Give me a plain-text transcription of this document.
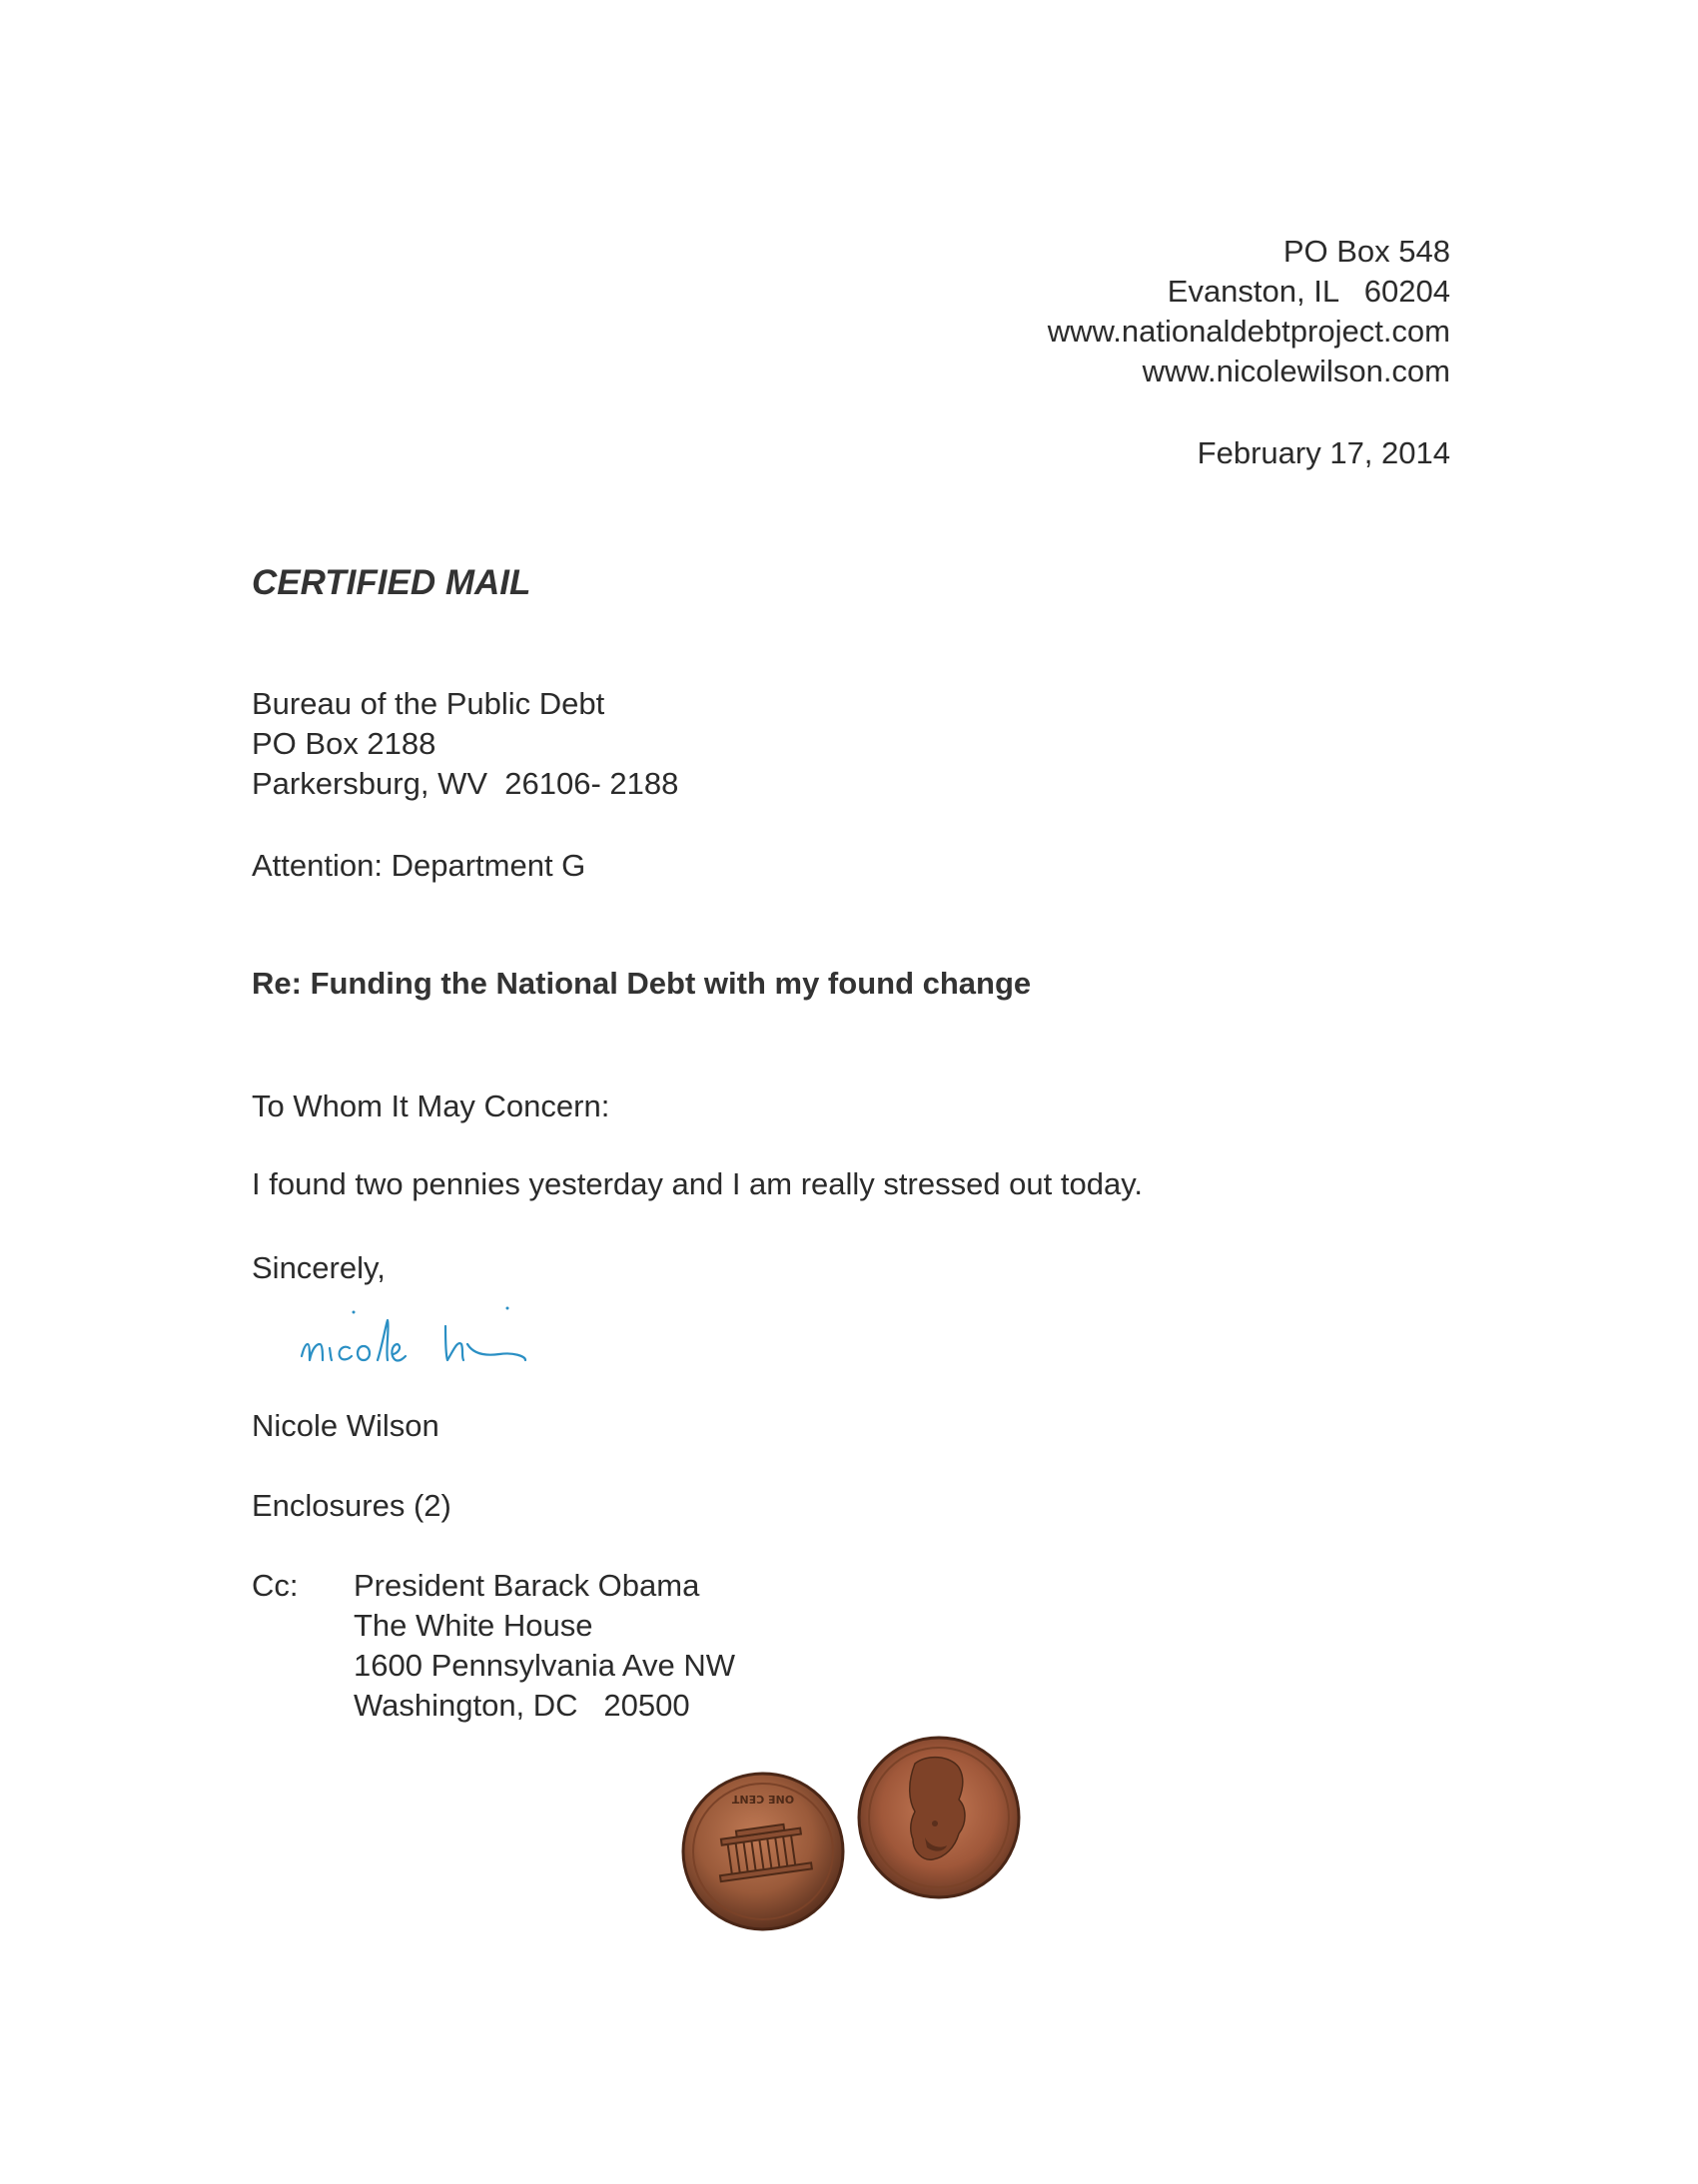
PO Box 548
Evanston, IL   60204
www.nationaldebtproject.com
www.nicolewilson.com
February 17, 2014
CERTIFIED MAIL
Bureau of the Public Debt
PO Box 2188
Parkersburg, WV  26106- 2188
Attention: Department G
Re: Funding the National Debt with my found change
To Whom It May Concern:
I found two pennies yesterday and I am really stressed out today.
Sincerely,
Nicole Wilson
Enclosures (2)
Cc: President Barack Obama
The White House
1600 Pennsylvania Ave NW
Washington, DC   20500
ONE CENT
